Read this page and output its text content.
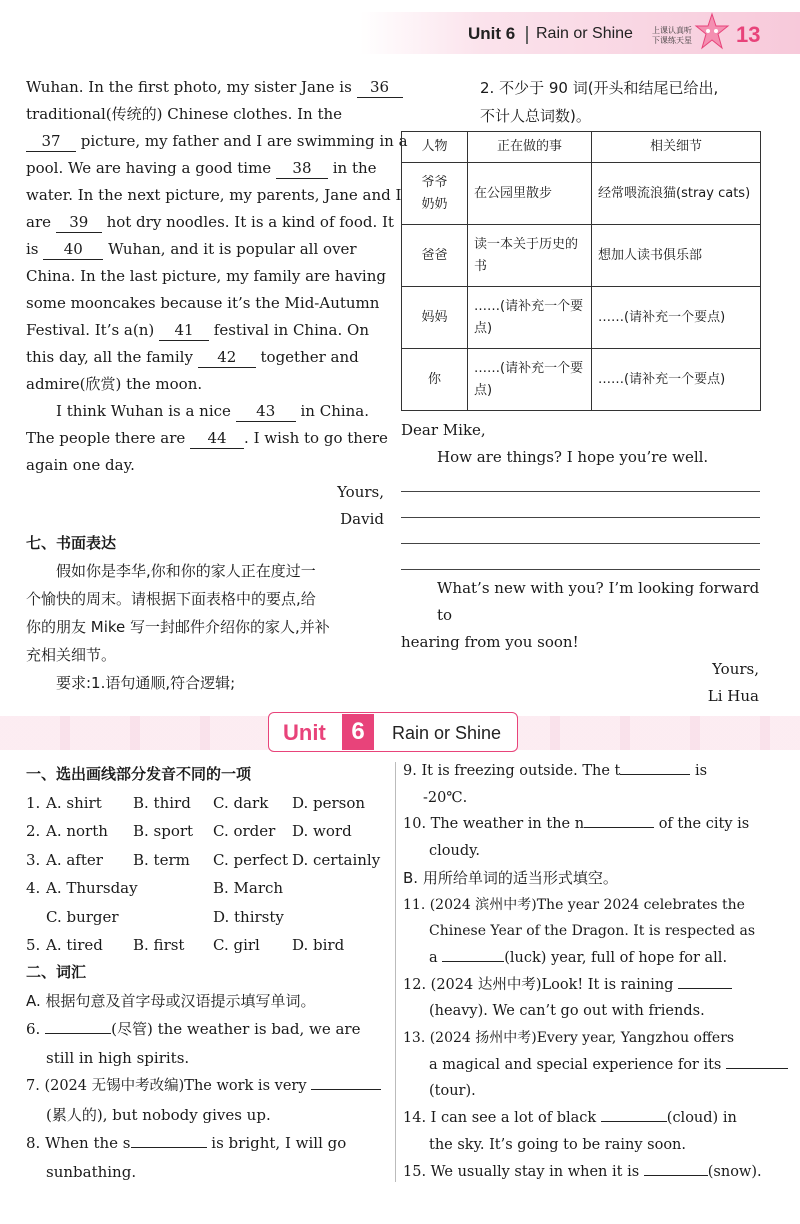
Unit 6 Rain or Shine 上课认真听
下课练天星 13
Wuhan. In the first photo, my sister Jane is 36
traditional(传统的) Chinese clothes. In the
37 picture, my father and I are swimming in a
pool. We are having a good time 38 in the
water. In the next picture, my parents, Jane and I
are 39 hot dry noodles. It is a kind of food. It
is 40 Wuhan, and it is popular all over
China. In the last picture, my family are having
some mooncakes because it’s the Mid-Autumn
Festival. It’s a(n) 41 festival in China. On
this day, all the family 42 together and
admire(欣赏) the moon.
I think Wuhan is a nice 43 in China.
The people there are 44 . I wish to go there
again one day.
Yours,
David
七、书面表达
假如你是李华,你和你的家人正在度过一
个愉快的周末。请根据下面表格中的要点,给
你的朋友 Mike 写一封邮件介绍你的家人,并补
充相关细节。
要求:1.语句通顺,符合逻辑;
2. 不少于 90 词(开头和结尾已给出,
不计人总词数)。
人物	正在做的事	相关细节
爷爷奶奶	在公园里散步	经常喂流浪猫(stray cats)
爸爸	读一本关于历史的书	想加人读书俱乐部
妈妈	……(请补充一个要点)	……(请补充一个要点)
你	……(请补充一个要点)	……(请补充一个要点)
Dear Mike,
How are things? I hope you’re well.
What’s new with you? I’m looking forward to
hearing from you soon!
Yours,
Li Hua
Unit	6	Rain or Shine
一、选出画线部分发音不同的一项
1. A. shirt B. third C. dark D. person
2. A. north B. sport C. order D. word
3. A. after B. term C. perfect D. certainly
4. A. Thursday	B. March
C. burger	D. thirsty
5. A. tired B. first C. girl D. bird
二、词汇
A. 根据句意及首字母或汉语提示填写单词。
6.	(尽管) the weather is bad, we are
still in high spirits.
7. (2024 无锡中考改编)The work is very
(累人的), but nobody gives up.
8. When the s	is bright, I will go
sunbathing.
9. It is freezing outside. The t	is
-20℃.
10. The weather in the n	of the city is
cloudy.
B. 用所给单词的适当形式填空。
11. (2024 滨州中考)The year 2024 celebrates the
Chinese Year of the Dragon. It is respected as
a	(luck) year, full of hope for all.
12. (2024 达州中考)Look! It is raining
(heavy). We can’t go out with friends.
13. (2024 扬州中考)Every year, Yangzhou offers
a magical and special experience for its
(tour).
14. I can see a lot of black	(cloud) in
the sky. It’s going to be rainy soon.
15. We usually stay in when it is	(snow).
